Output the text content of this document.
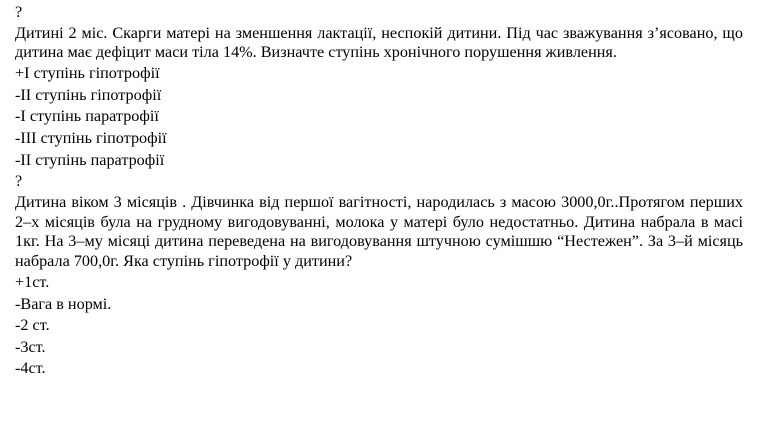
?
Дитині 2 міс. Скарги матері на зменшення лактації, неспокій дитини. Під час зважування з’ясовано, що дитина має дефіцит маси тіла 14%. Визначте ступінь хронічного порушення живлення.
+І ступінь гіпотрофії
-ІІ ступінь гіпотрофії
-І ступінь паратрофії
-ІІІ ступінь гіпотрофії
-ІІ ступінь паратрофії
?
Дитина віком 3 місяців . Дівчинка від першої вагітності, народилась з масою 3000,0г..Протягом перших 2–х місяців була на грудному вигодовуванні, молока у матері було недостатньо. Дитина набрала в масі 1кг. На 3–му місяці дитина переведена на вигодовування штучною сумішшю “Нестежен”. За 3–й місяць набрала 700,0г. Яка ступінь гіпотрофії у дитини?
+1ст.
-Вага в нормі.
-2 ст.
-3ст.
-4ст.
